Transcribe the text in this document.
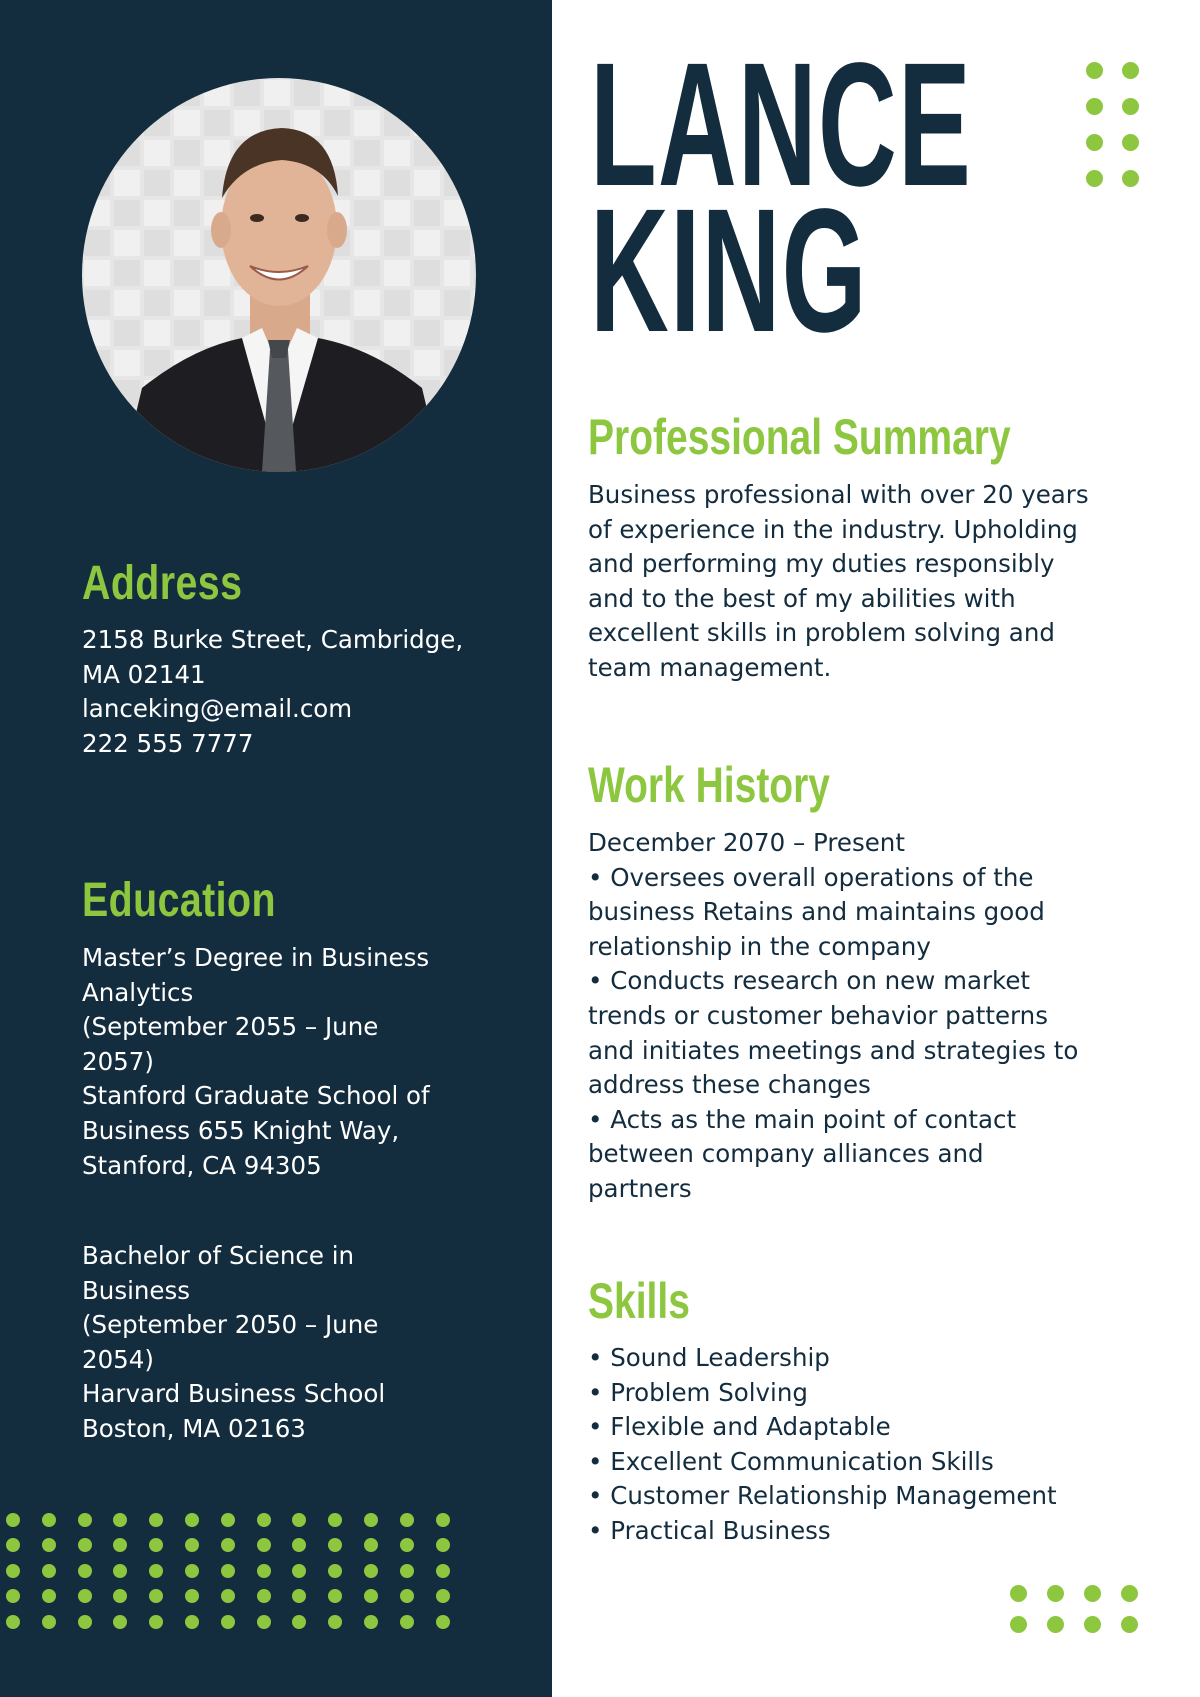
Address

2158 Burke Street, Cambridge,
MA 02141
lanceking@email.com
222 555 7777

Education

Master’s Degree in Business
Analytics
(September 2055 – June
2057)
Stanford Graduate School of
Business 655 Knight Way,
Stanford, CA 94305

Bachelor of Science in
Business
(September 2050 – June
2054)
Harvard Business School
Boston, MA 02163

LANCE
KING
Professional Summary

Business professional with over 20 years
of experience in the industry. Upholding
and performing my duties responsibly
and to the best of my abilities with
excellent skills in problem solving and
team management.

Work History

December 2070 – Present
• Oversees overall operations of the
business Retains and maintains good
relationship in the company
• Conducts research on new market
trends or customer behavior patterns
and initiates meetings and strategies to
address these changes
• Acts as the main point of contact
between company alliances and
partners

Skills

• Sound Leadership
• Problem Solving
• Flexible and Adaptable
• Excellent Communication Skills
• Customer Relationship Management
• Practical Business
